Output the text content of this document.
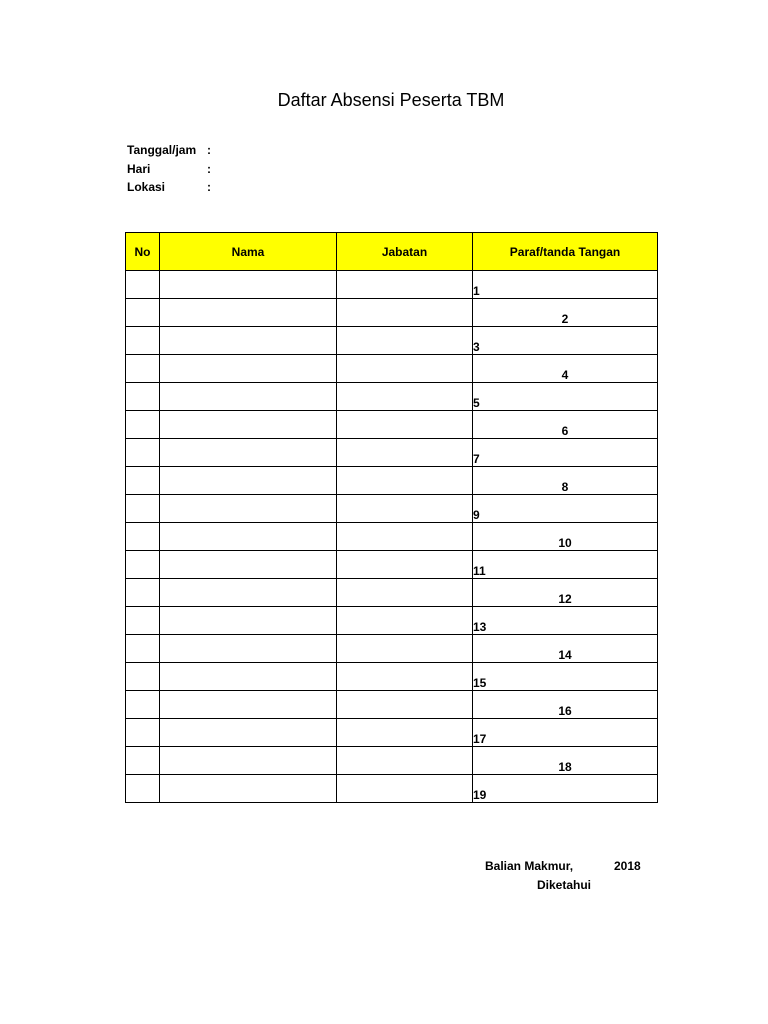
Daftar Absensi Peserta TBM
Tanggal/jam :
Hari	:
Lokasi	:
No	Nama	Jabatan	Paraf/tanda Tangan
			1
			2
			3
			4
			5
			6
			7
			8
			9
			10
			11
			12
			13
			14
			15
			16
			17
			18
			19
Balian Makmur,	2018
Diketahui
